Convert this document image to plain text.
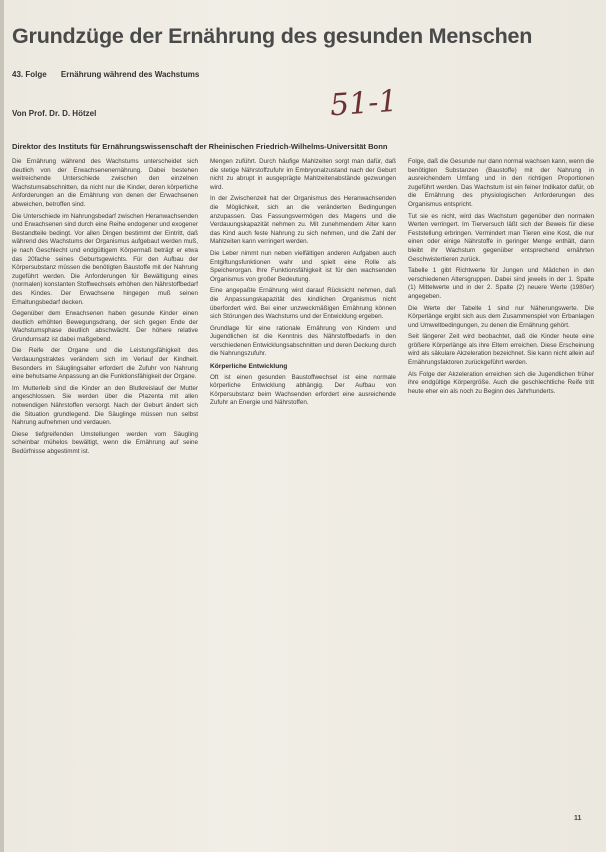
Grundzüge der Ernährung des gesunden Menschen
43. Folge Ernährung während des Wachstums
Von Prof. Dr. D. Hötzel	51-1
Direktor des Instituts für Ernährungswissenschaft der Rheinischen Friedrich-Wilhelms-Universität Bonn

Die Ernährung während des Wachstums unterscheidet sich deutlich von der Erwachsenenernährung. Dabei bestehen weitreichende Unterschiede zwischen den einzelnen Wachstumsabschnitten, da nicht nur die Kinder, deren körperliche Anforderungen an die Ernährung von denen der Erwachsenen abweichen, betroffen sind.

Die Unterschiede im Nahrungsbedarf zwischen Heranwachsenden und Erwachsenen sind durch eine Reihe endogener und exogener Bestandteile bedingt. Vor allen Dingen bestimmt der Eintritt, daß während des Wachstums der Organismus aufgebaut werden muß, je nach Geschlecht und endgültigem Körpermaß beträgt er etwa das 20fache seines Geburtsgewichts. Für den Aufbau der Körpersubstanz müssen die benötigten Baustoffe mit der Nahrung zugeführt werden. Die Anforderungen für Bewältigung eines (normalen) konstanten Stoffwechsels erhöhen den Nährstoffbedarf des Kindes. Der Erwachsene hingegen muß seinen Erhaltungsbedarf decken.

Gegenüber dem Erwachsenen haben gesunde Kinder einen deutlich erhöhten Bewegungsdrang, der sich gegen Ende der Wachstumsphase deutlich abschwächt. Der höhere relative Grundumsatz ist dabei maßgebend.

Die Reife der Organe und die Leistungsfähigkeit des Verdauungstraktes verändern sich im Verlauf der Kindheit. Besonders im Säuglingsalter erfordert die Zufuhr von Nahrung eine behutsame Anpassung an die Funktionsfähigkeit der Organe.

Im Mutterleib sind die Kinder an den Blutkreislauf der Mutter angeschlossen. Sie werden über die Plazenta mit allen notwendigen Nährstoffen versorgt. Nach der Geburt ändert sich die Situation grundlegend. Die Säuglinge müssen nun selbst Nahrung aufnehmen und verdauen.

Diese tiefgreifenden Umstellungen werden vom Säugling scheinbar mühelos bewältigt, wenn die Ernährung auf seine Bedürfnisse abgestimmt ist.

Mengen zuführt. Durch häufige Mahlzeiten sorgt man dafür, daß die stetige Nährstoffzufuhr im Embryonalzustand nach der Geburt nicht zu abrupt in ausgeprägte Mahlzeitenabstände gezwungen wird.

In der Zwischenzeit hat der Organismus des Heranwachsenden die Möglichkeit, sich an die veränderten Bedingungen anzupassen. Das Fassungsvermögen des Magens und die Verdauungskapazität nehmen zu. Mit zunehmendem Alter kann das Kind auch feste Nahrung zu sich nehmen, und die Zahl der Mahlzeiten kann verringert werden.

Die Leber nimmt nun neben vielfältigen anderen Aufgaben auch Entgiftungsfunktionen wahr und spielt eine Rolle als Speicherorgan. Ihre Funktionsfähigkeit ist für den wachsenden Organismus von großer Bedeutung.

Eine angepaßte Ernährung wird darauf Rücksicht nehmen, daß die Anpassungskapazität des kindlichen Organismus nicht überfordert wird. Bei einer unzweckmäßigen Ernährung können sich Störungen des Wachstums und der Entwicklung ergeben.

Grundlage für eine rationale Ernährung von Kindern und Jugendlichen ist die Kenntnis des Nährstoffbedarfs in den verschiedenen Entwicklungsabschnitten und deren Deckung durch die Nahrungszufuhr.

Körperliche Entwicklung

Oft ist einen gesunden Baustoffwechsel ist eine normale körperliche Entwicklung abhängig. Der Aufbau von Körpersubstanz beim Wachsenden erfordert eine ausreichende Zufuhr an Energie und Nährstoffen.

Folge, daß die Gesunde nur dann normal wachsen kann, wenn die benötigten Substanzen (Baustoffe) mit der Nahrung in ausreichendem Umfang und in den richtigen Proportionen zugeführt werden. Das Wachstum ist ein feiner Indikator dafür, ob die Ernährung des physiologischen Anforderungen des Organismus entspricht.

Tut sie es nicht, wird das Wachstum gegenüber den normalen Werten verringert. Im Tierversuch läßt sich der Beweis für diese Feststellung erbringen. Vermindert man Tieren eine Kost, die nur einen oder einige Nährstoffe in geringer Menge enthält, dann bleibt ihr Wachstum gegenüber entsprechend ernährten Geschwistertieren zurück.

Tabelle 1 gibt Richtwerte für Jungen und Mädchen in den verschiedenen Altersgruppen. Dabei sind jeweils in der 1. Spalte (1) Mittelwerte und in der 2. Spalte (2) neuere Werte (1980er) angegeben.

Die Werte der Tabelle 1 sind nur Näherungswerte. Die Körperlänge ergibt sich aus dem Zusammenspiel von Erbanlagen und Umweltbedingungen, zu denen die Ernährung gehört.

Seit längerer Zeit wird beobachtet, daß die Kinder heute eine größere Körperlänge als ihre Eltern erreichen. Diese Erscheinung wird als säkulare Akzeleration bezeichnet. Sie kann nicht allein auf Ernährungsfaktoren zurückgeführt werden.

Als Folge der Akzeleration erreichen sich die Jugendlichen früher ihre endgültige Körpergröße. Auch die geschlechtliche Reife tritt heute eher ein als noch zu Beginn des Jahrhunderts.

11
